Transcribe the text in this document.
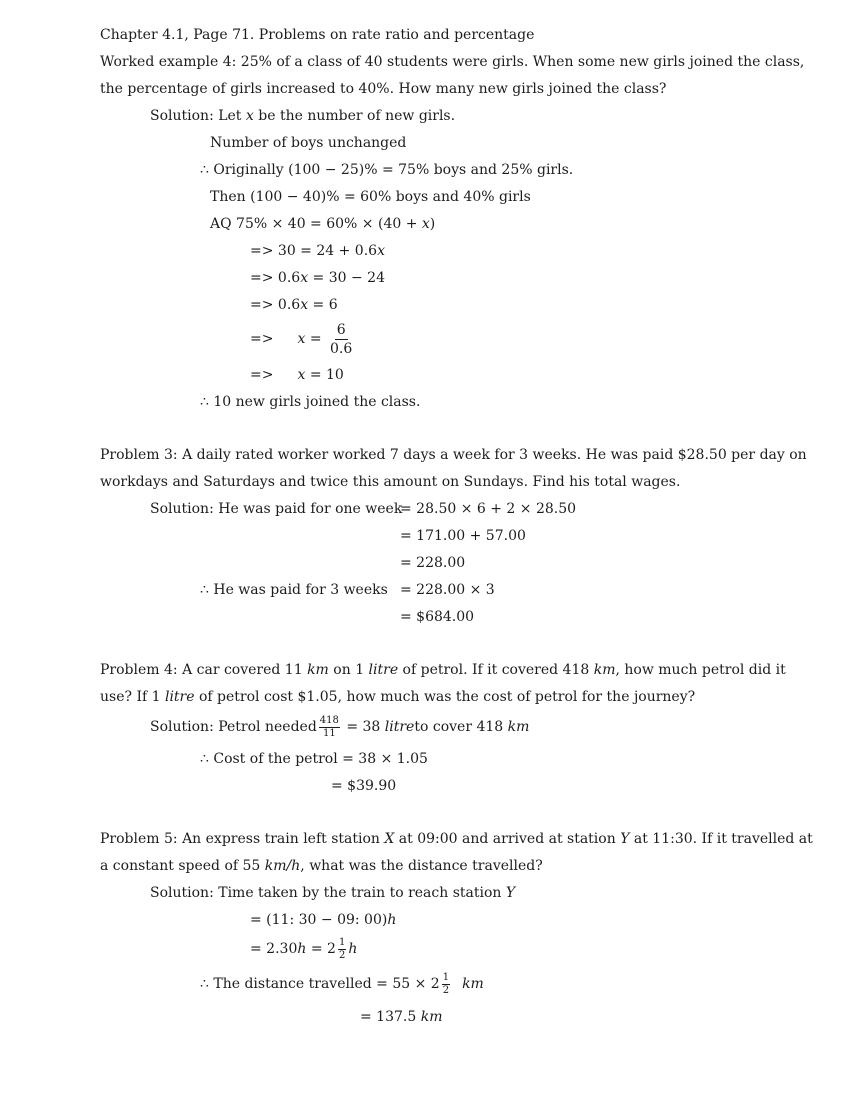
Chapter 4.1, Page 71. Problems on rate ratio and percentage
Worked example 4: 25% of a class of 40 students were girls. When some new girls joined the class,
the percentage of girls increased to 40%. How many new girls joined the class?
Solution: Let x be the number of new girls.
Number of boys unchanged
∴ Originally (100 − 25)% = 75% boys and 25% girls.
Then (100 − 40)% = 60% boys and 40% girls
AQ 75% × 40 = 60% × (40 + x)
=> 30 = 24 + 0.6x
=> 0.6x = 30 − 24
=> 0.6x = 6
=> $x = \frac{6}{0.6}$
=> x = 10
∴ 10 new girls joined the class.
Problem 3: A daily rated worker worked 7 days a week for 3 weeks. He was paid $28.50 per day on
workdays and Saturdays and twice this amount on Sundays. Find his total wages.
Solution: He was paid for one week
= 28.50 × 6 + 2 × 28.50
= 171.00 + 57.00
= 228.00
∴ He was paid for 3 weeks = 228.00 × 3
= $684.00
Problem 4: A car covered 11 km on 1 litre of petrol. If it covered 418 km, how much petrol did it
use? If 1 litre of petrol cost $1.05, how much was the cost of petrol for the journey?
Solution: Petrol needed $\frac{418}{11} = 38$ litreto cover 418 km
∴ Cost of the petrol = 38 × 1.05
= $39.90
Problem 5: An express train left station X at 09:00 and arrived at station Y at 11:30. If it travelled at
a constant speed of 55 km/h, what was the distance travelled?
Solution: Time taken by the train to reach station Y
= (11: 30 − 09: 00)h
= $2.30h = 2 \frac{1}{2}$ h
∴ The distance travelled = $55 \times 2 \frac{1}{2}$ km
= 137.5 km
